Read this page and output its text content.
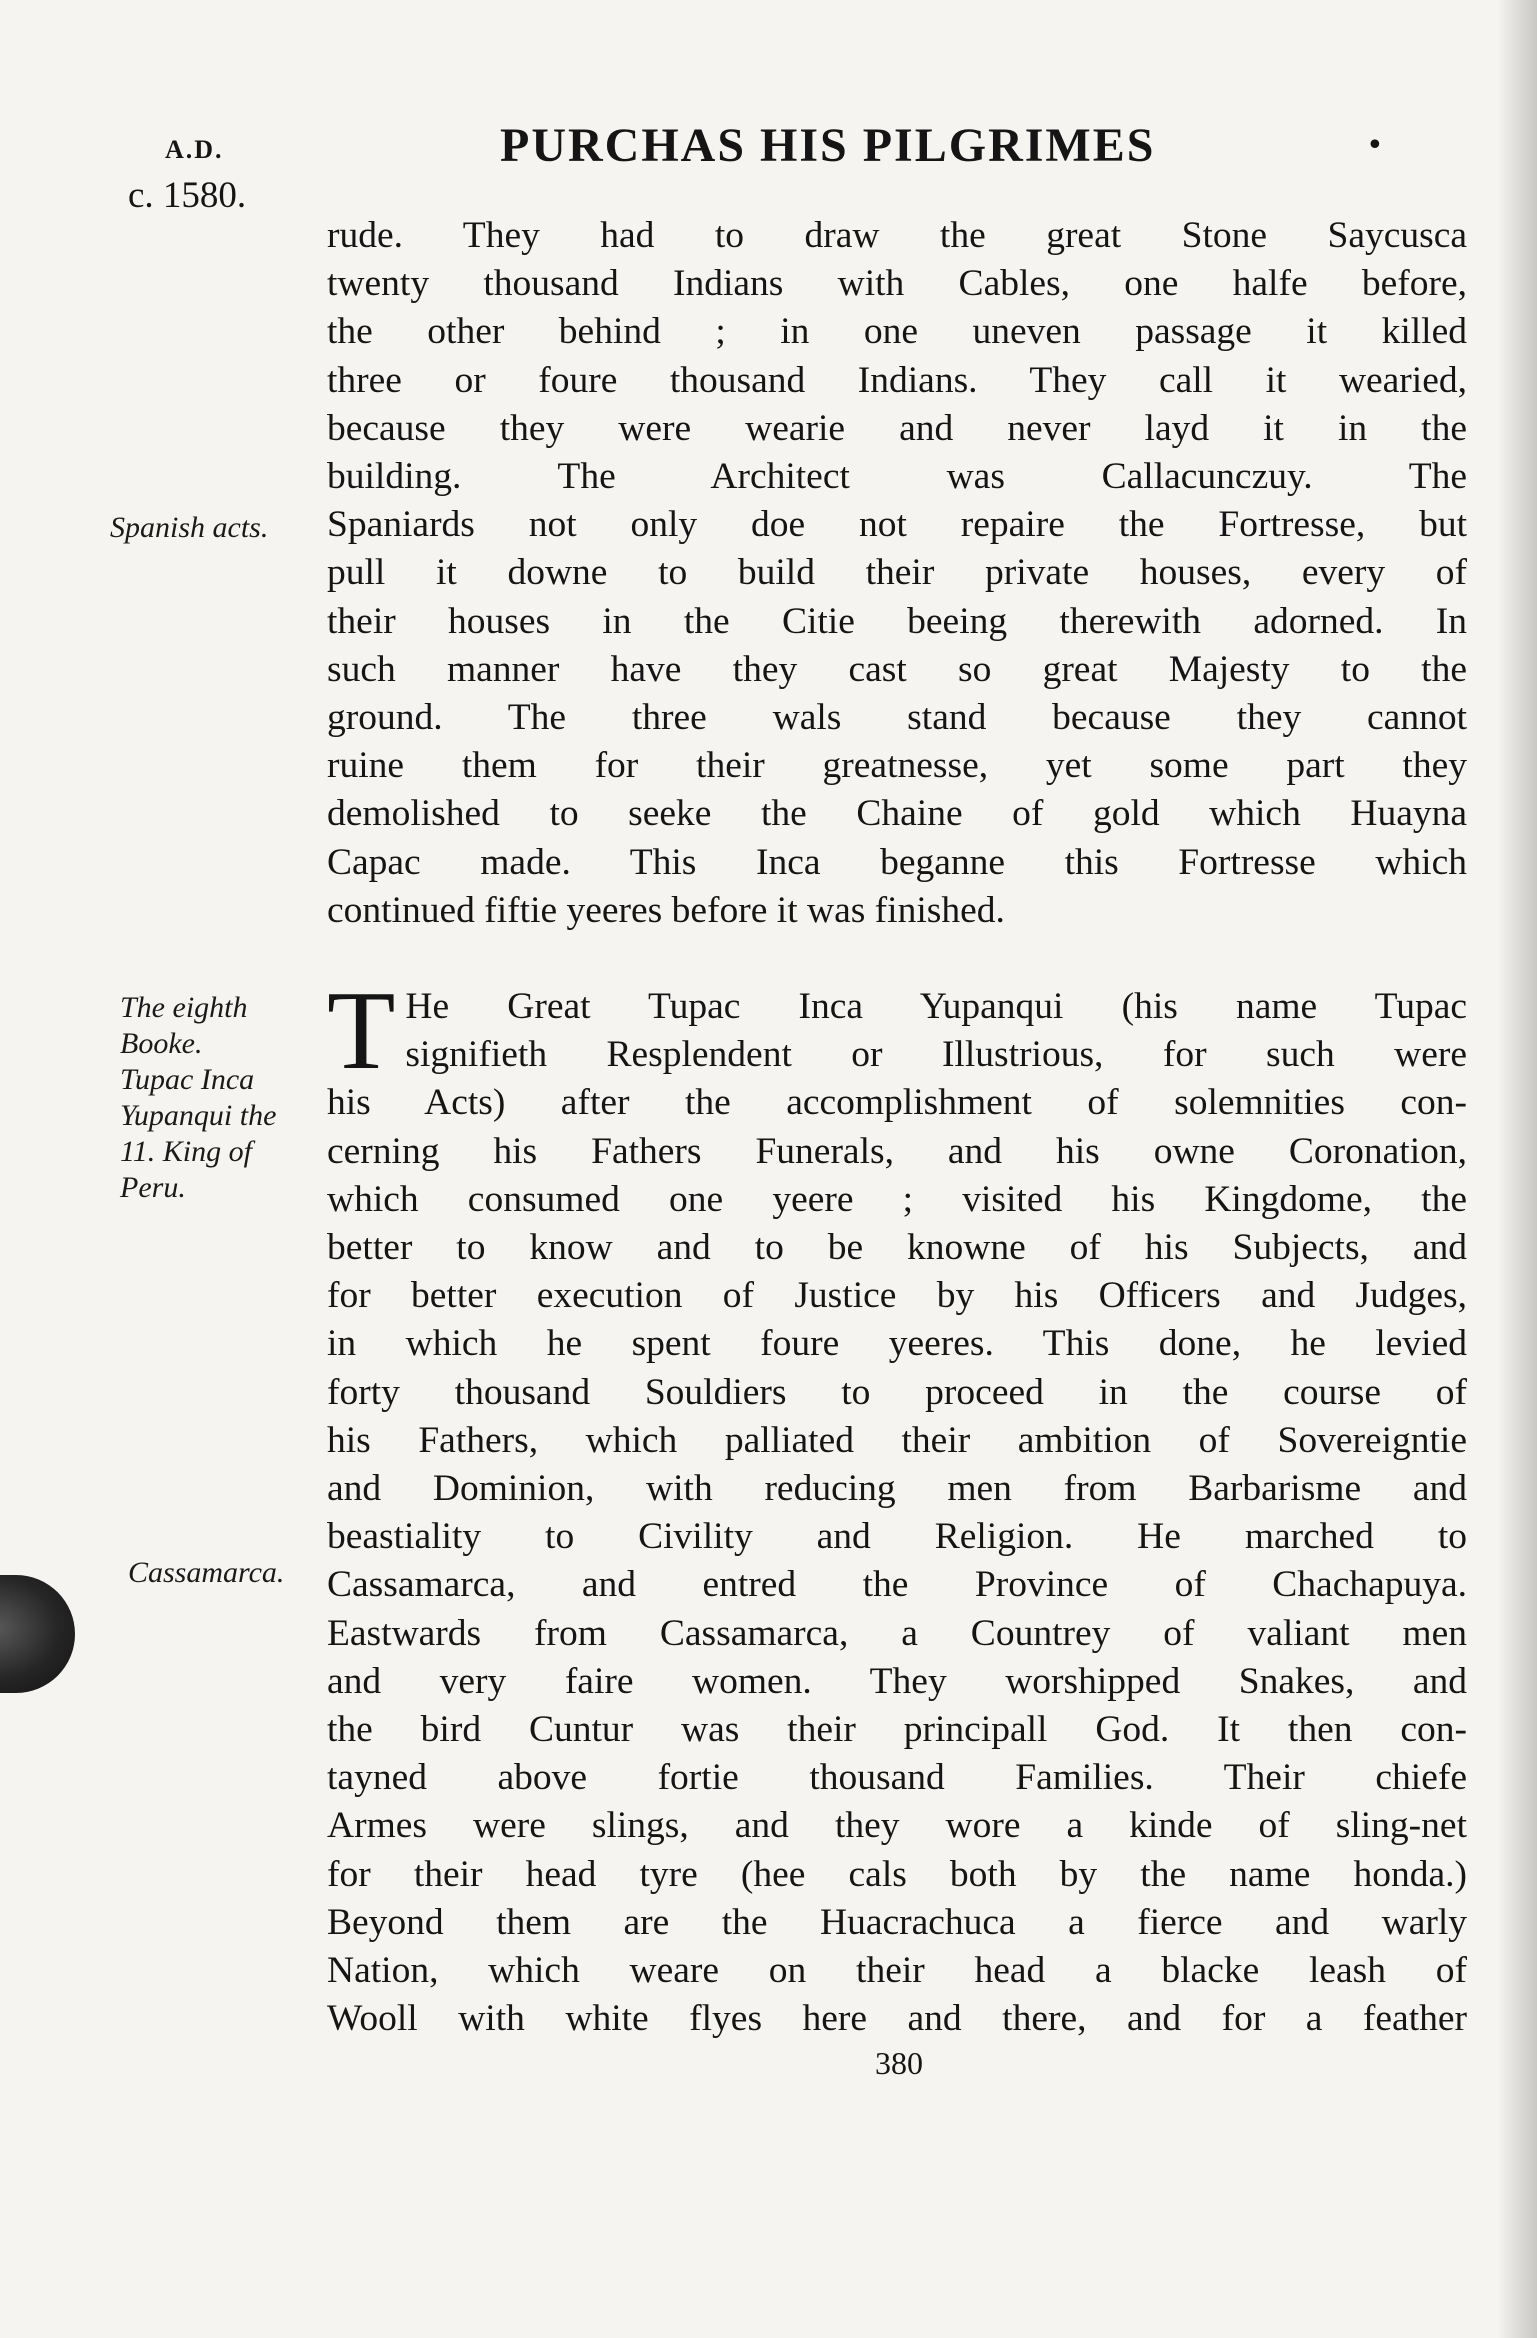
A.D.
c. 1580.
PURCHAS HIS PILGRIMES	•
Spanish acts.
The eighth
Booke.
Tupac Inca
Yupanqui the
11. King of
Peru.
Cassamarca.
rude. They had to draw the great Stone Saycusca
twenty thousand Indians with Cables, one halfe before,
the other behind ; in one uneven passage it killed
three or foure thousand Indians. They call it wearied,
because they were wearie and never layd it in the
building. The Architect was Callacunczuy. The
Spaniards not only doe not repaire the Fortresse, but
pull it downe to build their private houses, every of
their houses in the Citie beeing therewith adorned. In
such manner have they cast so great Majesty to the
ground. The three wals stand because they cannot
ruine them for their greatnesse, yet some part they
demolished to seeke the Chaine of gold which Huayna
Capac made. This Inca beganne this Fortresse which
continued fiftie yeeres before it was finished.
T He Great Tupac Inca Yupanqui (his name Tupac
signifieth Resplendent or Illustrious, for such were
his Acts) after the accomplishment of solemnities con-
cerning his Fathers Funerals, and his owne Coronation,
which consumed one yeere ; visited his Kingdome, the
better to know and to be knowne of his Subjects, and
for better execution of Justice by his Officers and Judges,
in which he spent foure yeeres. This done, he levied
forty thousand Souldiers to proceed in the course of
his Fathers, which palliated their ambition of Sovereigntie
and Dominion, with reducing men from Barbarisme and
beastiality to Civility and Religion. He marched to
Cassamarca, and entred the Province of Chachapuya.
Eastwards from Cassamarca, a Countrey of valiant men
and very faire women. They worshipped Snakes, and
the bird Cuntur was their principall God. It then con-
tayned above fortie thousand Families. Their chiefe
Armes were slings, and they wore a kinde of sling-net
for their head tyre (hee cals both by the name honda.)
Beyond them are the Huacrachuca a fierce and warly
Nation, which weare on their head a blacke leash of
Wooll with white flyes here and there, and for a feather
380
